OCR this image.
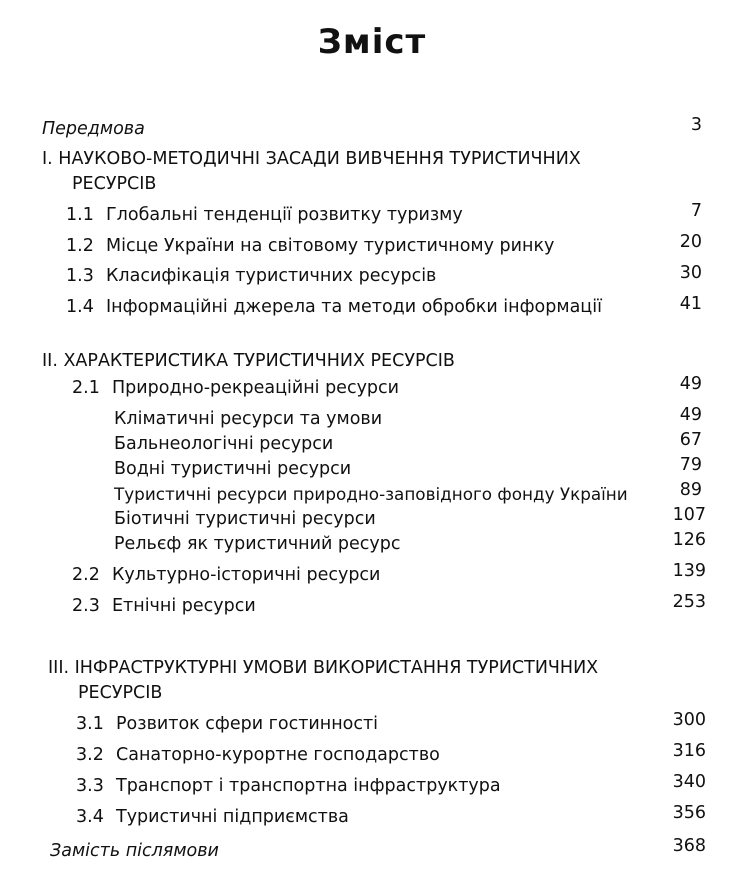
Зміст
Передмова	3
І. НАУКОВО-МЕТОДИЧНІ ЗАСАДИ ВИВЧЕННЯ ТУРИСТИЧНИХ
РЕСУРСІВ
1.1 Глобальні тенденції розвитку туризму	7
1.2 Місце України на світовому туристичному ринку	20
1.3 Класифікація туристичних ресурсів	30
1.4 Інформаційні джерела та методи обробки інформації	41
ІІ. ХАРАКТЕРИСТИКА ТУРИСТИЧНИХ РЕСУРСІВ
2.1 Природно-рекреаційні ресурси	49
Кліматичні ресурси та умови	49
Бальнеологічні ресурси	67
Водні туристичні ресурси	79
Туристичні ресурси природно-заповідного фонду України	89
Біотичні туристичні ресурси	107
Рельєф як туристичний ресурс	126
2.2 Культурно-історичні ресурси	139
2.3 Етнічні ресурси	253
ІІІ. ІНФРАСТРУКТУРНІ УМОВИ ВИКОРИСТАННЯ ТУРИСТИЧНИХ
РЕСУРСІВ
3.1 Розвиток сфери гостинності	300
3.2 Санаторно-курортне господарство	316
3.3 Транспорт і транспортна інфраструктура	340
3.4 Туристичні підприємства	356
Замість післямови	368
